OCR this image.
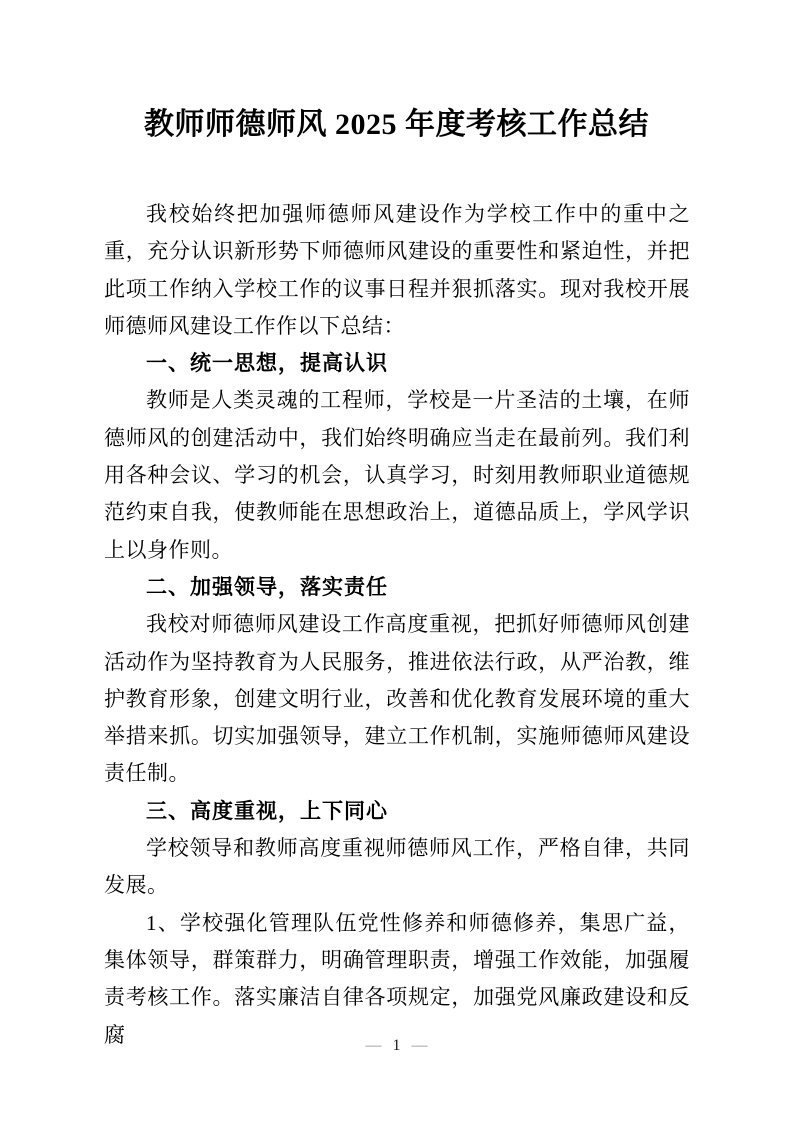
教师师德师风 2025 年度考核工作总结

我校始终把加强师德师风建设作为学校工作中的重中之重，充分认识新形势下师德师风建设的重要性和紧迫性，并把此项工作纳入学校工作的议事日程并狠抓落实。现对我校开展师德师风建设工作作以下总结：

一、统一思想，提高认识

教师是人类灵魂的工程师，学校是一片圣洁的土壤，在师德师风的创建活动中，我们始终明确应当走在最前列。我们利用各种会议、学习的机会，认真学习，时刻用教师职业道德规范约束自我，使教师能在思想政治上，道德品质上，学风学识上以身作则。

二、加强领导，落实责任

我校对师德师风建设工作高度重视，把抓好师德师风创建活动作为坚持教育为人民服务，推进依法行政，从严治教，维护教育形象，创建文明行业，改善和优化教育发展环境的重大举措来抓。切实加强领导，建立工作机制，实施师德师风建设责任制。

三、高度重视，上下同心

学校领导和教师高度重视师德师风工作，严格自律，共同发展。

1、学校强化管理队伍党性修养和师德修养，集思广益，集体领导，群策群力，明确管理职责，增强工作效能，加强履责考核工作。落实廉洁自律各项规定，加强党风廉政建设和反腐	— 1 —
